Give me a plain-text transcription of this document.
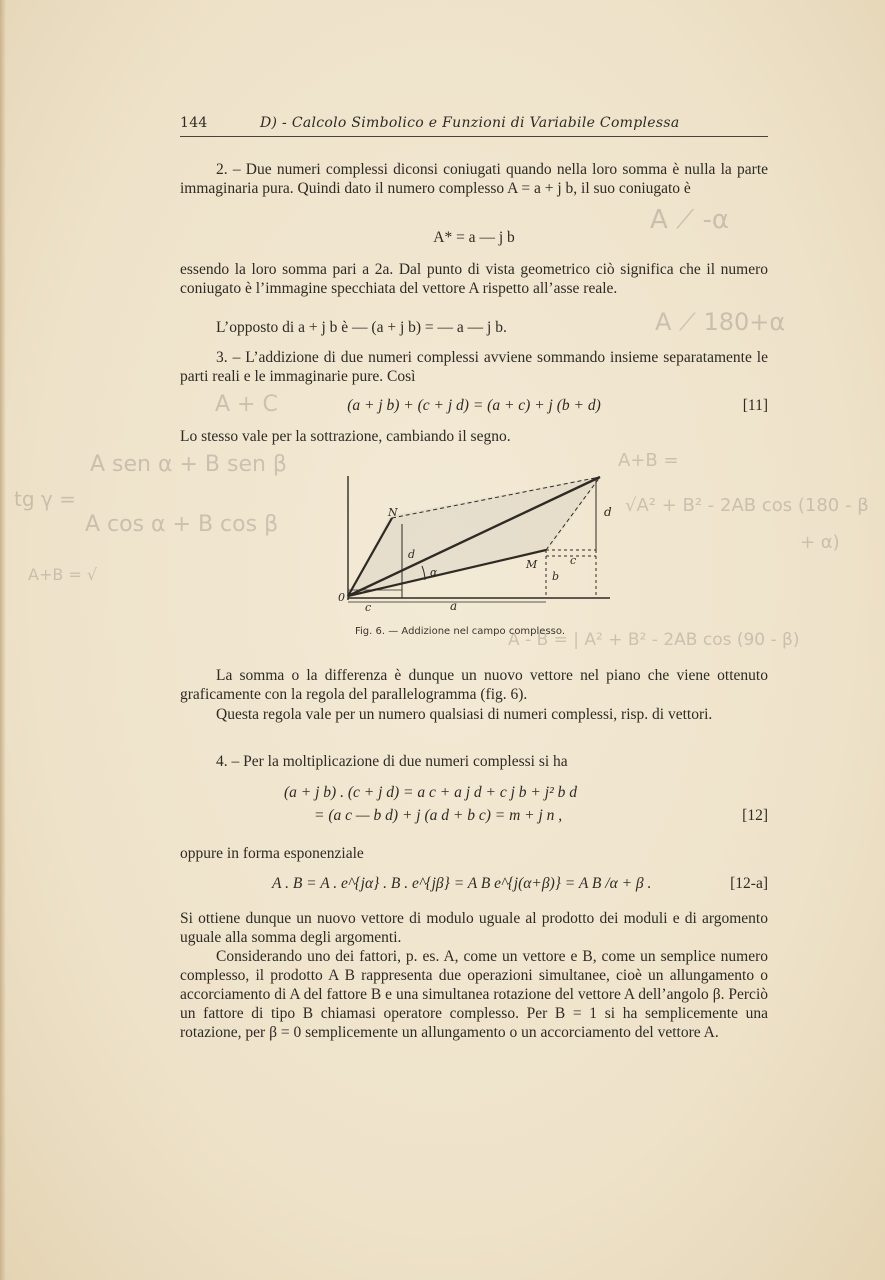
A ⟋ -α
A ⟋ 180+α
A sen α + B sen β
tg γ =
A cos α + B cos β
A+B = √
A+B =
√A² + B² - 2AB cos (180 - β
+ α)
A - B = | A² + B² - 2AB cos (90 - β)
A + C
144	D) - Calcolo Simbolico e Funzioni di Variabile Complessa
2. – Due numeri complessi diconsi coniugati quando nella loro somma è nulla la parte immaginaria pura. Quindi dato il numero complesso A = a + j b, il suo coniugato è
A* = a — j b
essendo la loro somma pari a 2a. Dal punto di vista geometrico ciò significa che il numero coniugato è l’immagine specchiata del vettore A rispetto all’asse reale.
L’opposto di a + j b è — (a + j b) = — a — j b.
3. – L’addizione di due numeri complessi avviene sommando insieme separatamente le parti reali e le immaginarie pure. Così
(a + j b) + (c + j d) = (a + c) + j (b + d)	[11]
Lo stesso vale per la sottrazione, cambiando il segno.
0
N
M
a
b
c
d
c
d
α
Fig. 6. — Addizione nel campo complesso.
La somma o la differenza è dunque un nuovo vettore nel piano che viene ottenuto graficamente con la regola del parallelogramma (fig. 6).
Questa regola vale per un numero qualsiasi di numeri complessi, risp. di vettori.
4. – Per la moltiplicazione di due numeri complessi si ha
(a + j b) . (c + j d) = a c + a j d + c j b + j² b d
= (a c — b d) + j (a d + b c) = m + j n ,	[12]
oppure in forma esponenziale
A . B = A . e^{jα} . B . e^{jβ} = A B e^{j(α+β)} = A B /α + β .	[12-a]
Si ottiene dunque un nuovo vettore di modulo uguale al prodotto dei moduli e di argomento uguale alla somma degli argomenti.
Considerando uno dei fattori, p. es. A, come un vettore e B, come un semplice numero complesso, il prodotto A B rappresenta due operazioni simultanee, cioè un allungamento o accorciamento di A del fattore B e una simultanea rotazione del vettore A dell’angolo β. Perciò un fattore di tipo B chiamasi operatore complesso. Per B = 1 si ha semplicemente una rotazione, per β = 0 semplicemente un allungamento o un accorciamento del vettore A.
